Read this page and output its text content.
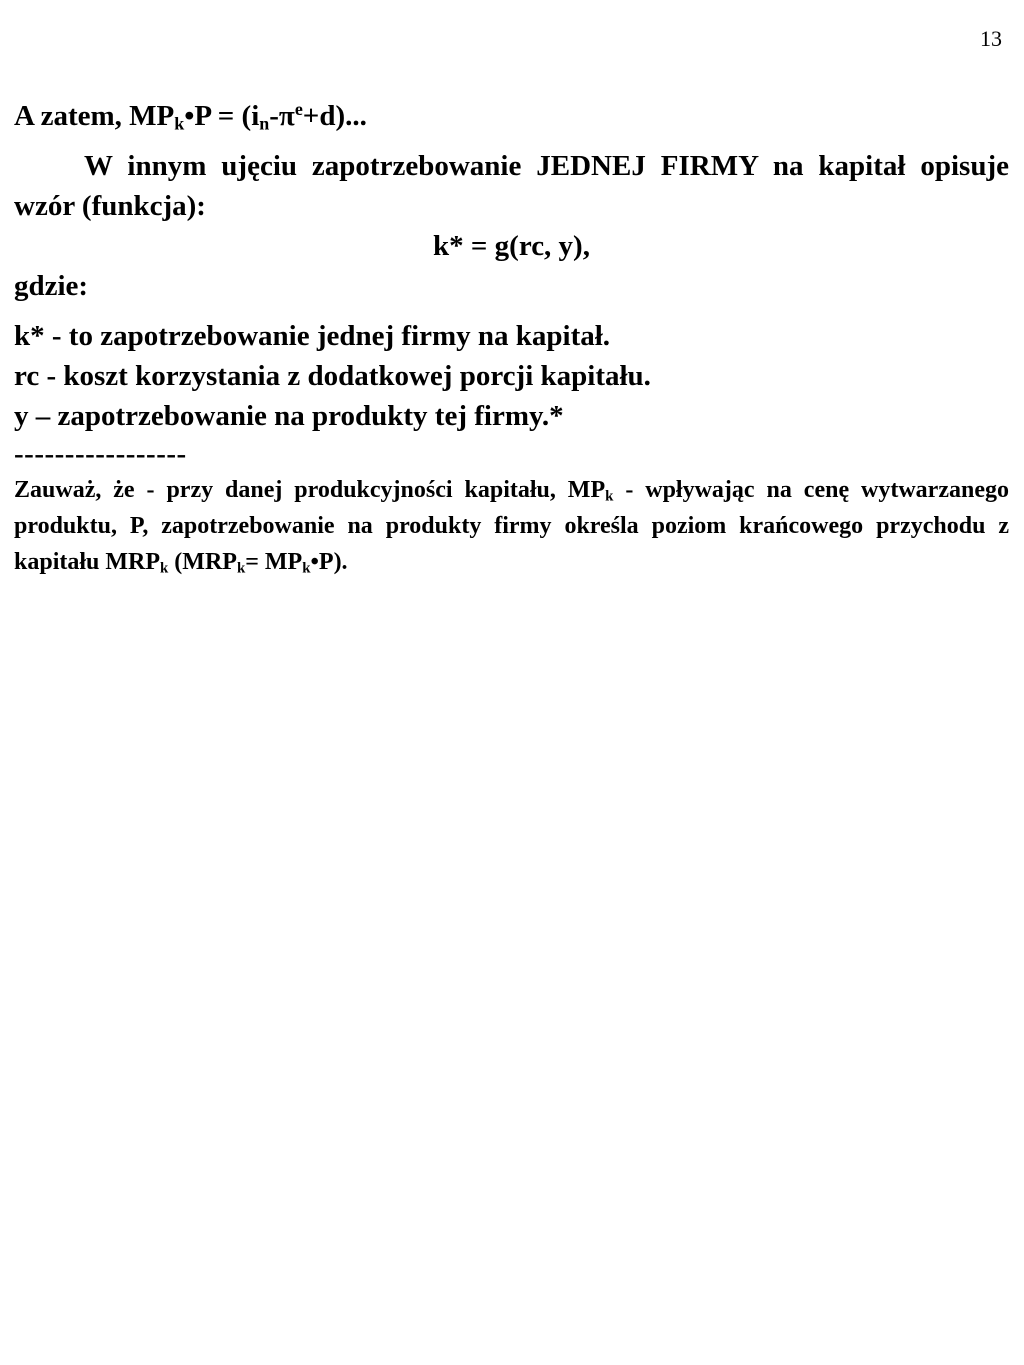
13

A zatem, $MP_k•P = (i_n-\pi^e+d)$...

W innym ujęciu zapotrzebowanie JEDNEJ FIRMY na kapitał opisuje wzór (funkcja):

k* = g(rc, y),

gdzie:

k* - to zapotrzebowanie jednej firmy na kapitał.

rc - koszt korzystania z dodatkowej porcji kapitału.

y – zapotrzebowanie na produkty tej firmy.*

-----------------

Zauważ, że - przy danej produkcyjności kapitału, $MP_k$ - wpływając na cenę wytwarzanego produktu, P, zapotrzebowanie na produkty firmy określa poziom krańcowego przychodu z kapitału $MRP_k$ ($MRP_k=$ $MP_k•P$).
